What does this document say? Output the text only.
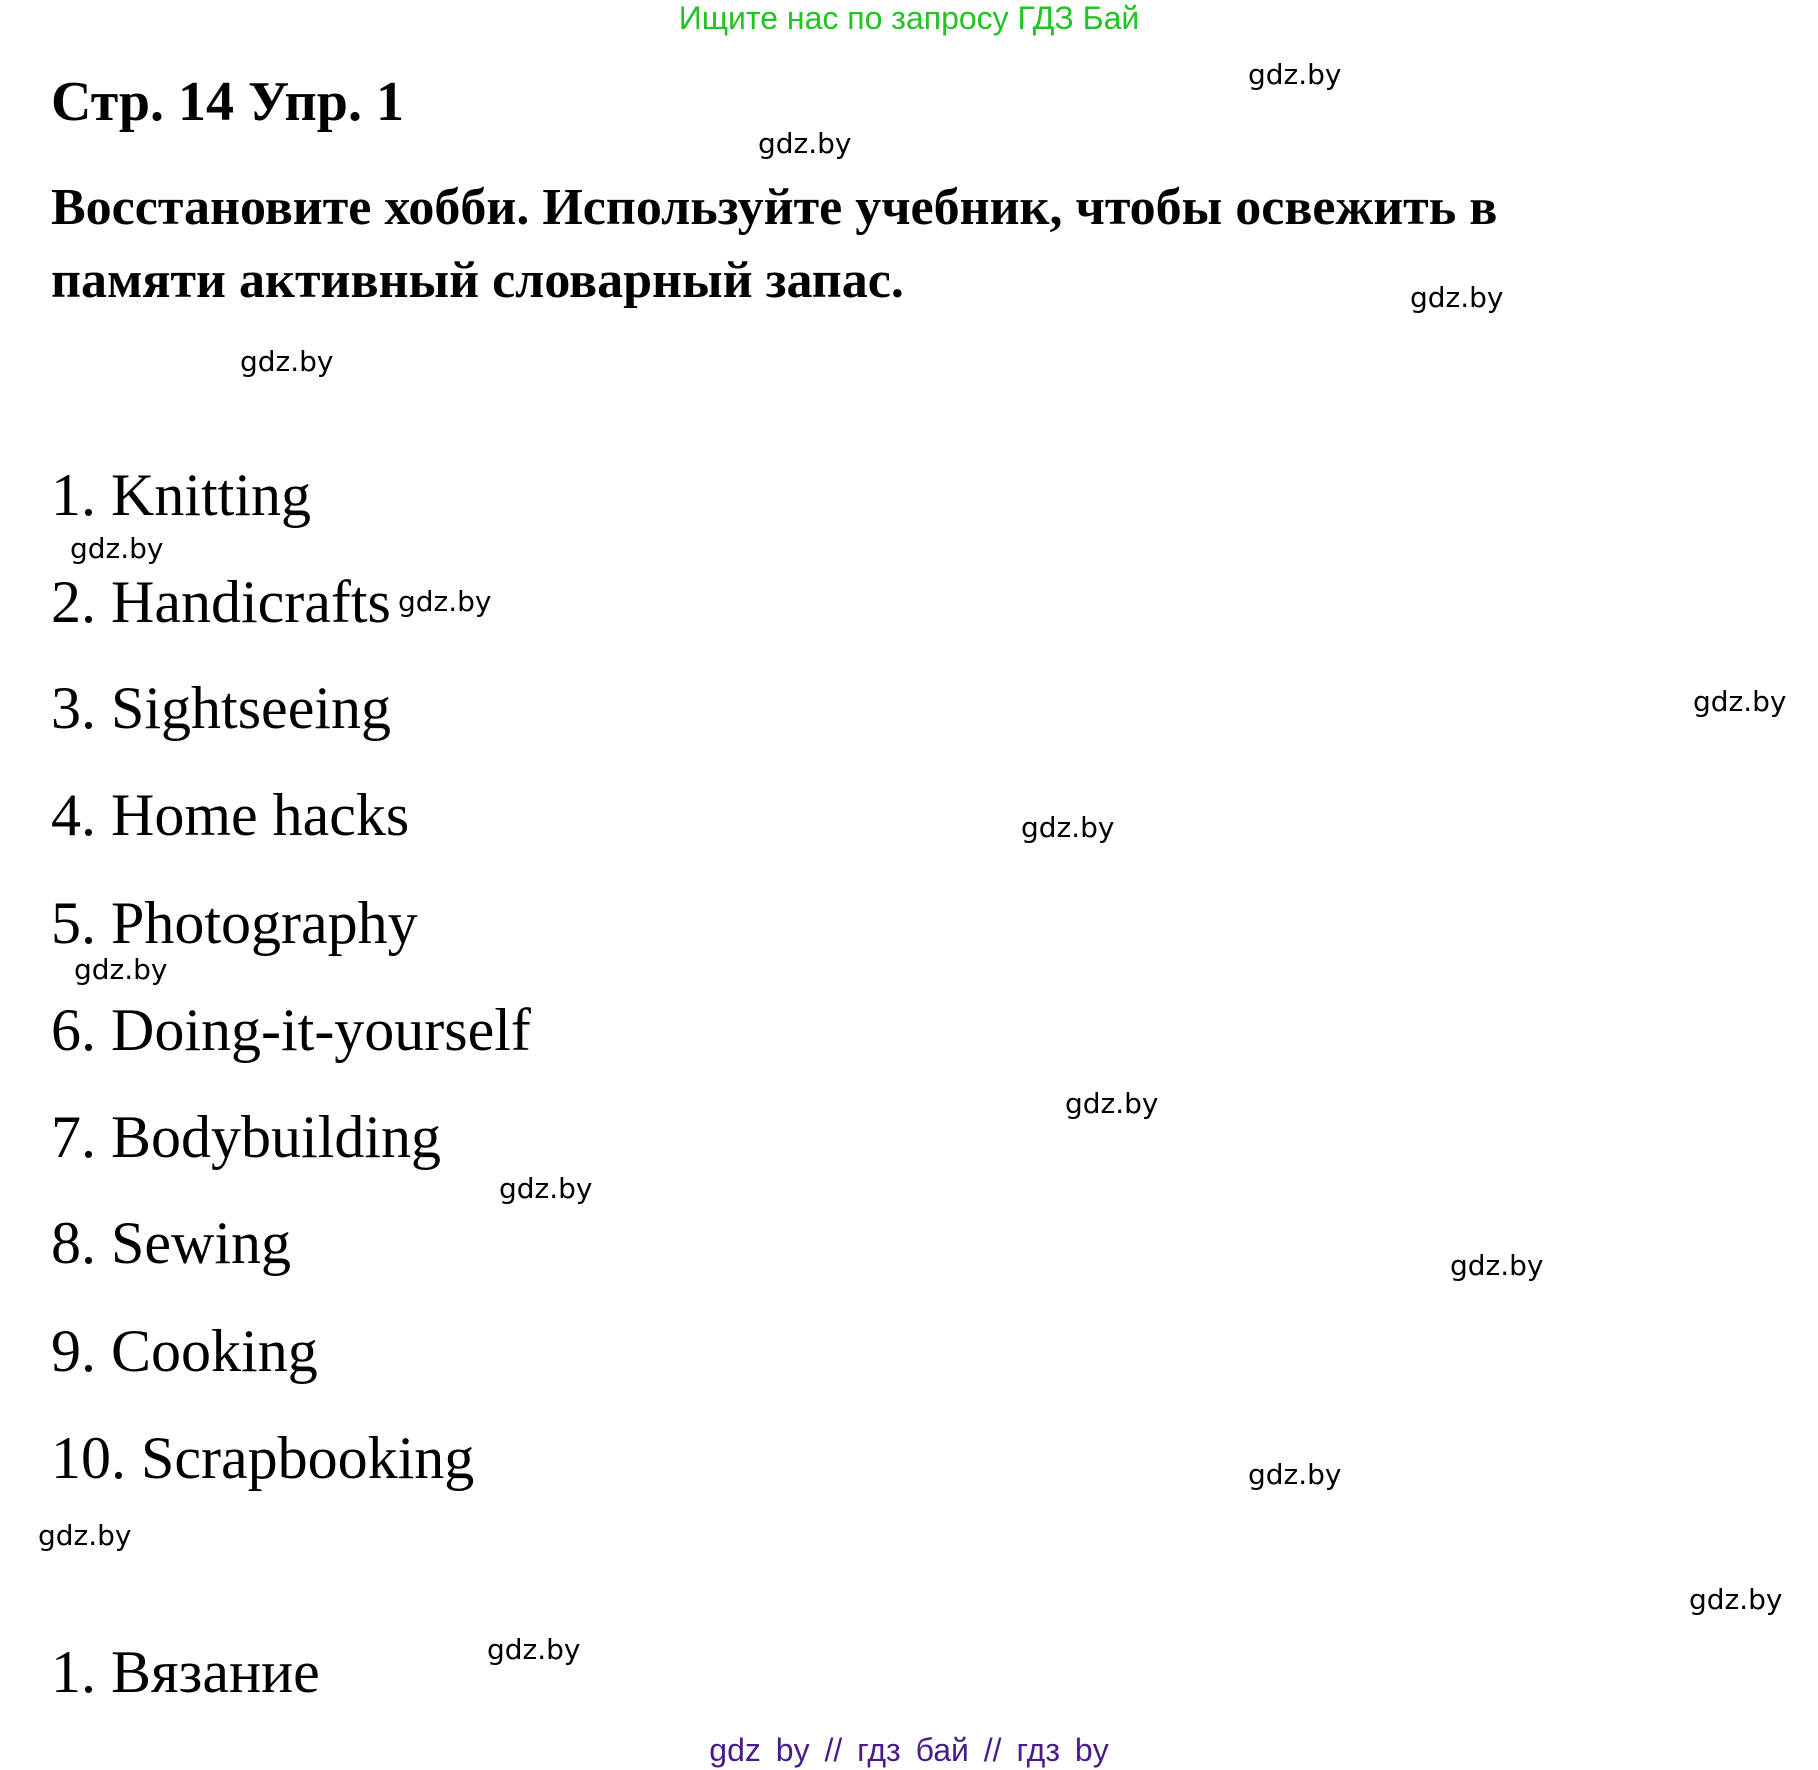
Ищите нас по запросу ГДЗ Бай
Стр. 14 Упр. 1
Восстановите хобби. Используйте учебник, чтобы освежить в
памяти активный словарный запас.
1. Knitting
2. Handicrafts
3. Sightseeing
4. Home hacks
5. Photography
6. Doing-it-yourself
7. Bodybuilding
8. Sewing
9. Cooking
10. Scrapbooking
1. Вязание
gdz.by
gdz.by
gdz.by
gdz.by
gdz.by
gdz.by
gdz.by
gdz.by
gdz.by
gdz.by
gdz.by
gdz.by
gdz.by
gdz.by
gdz.by
gdz.by
gdz by // гдз бай // гдз by
